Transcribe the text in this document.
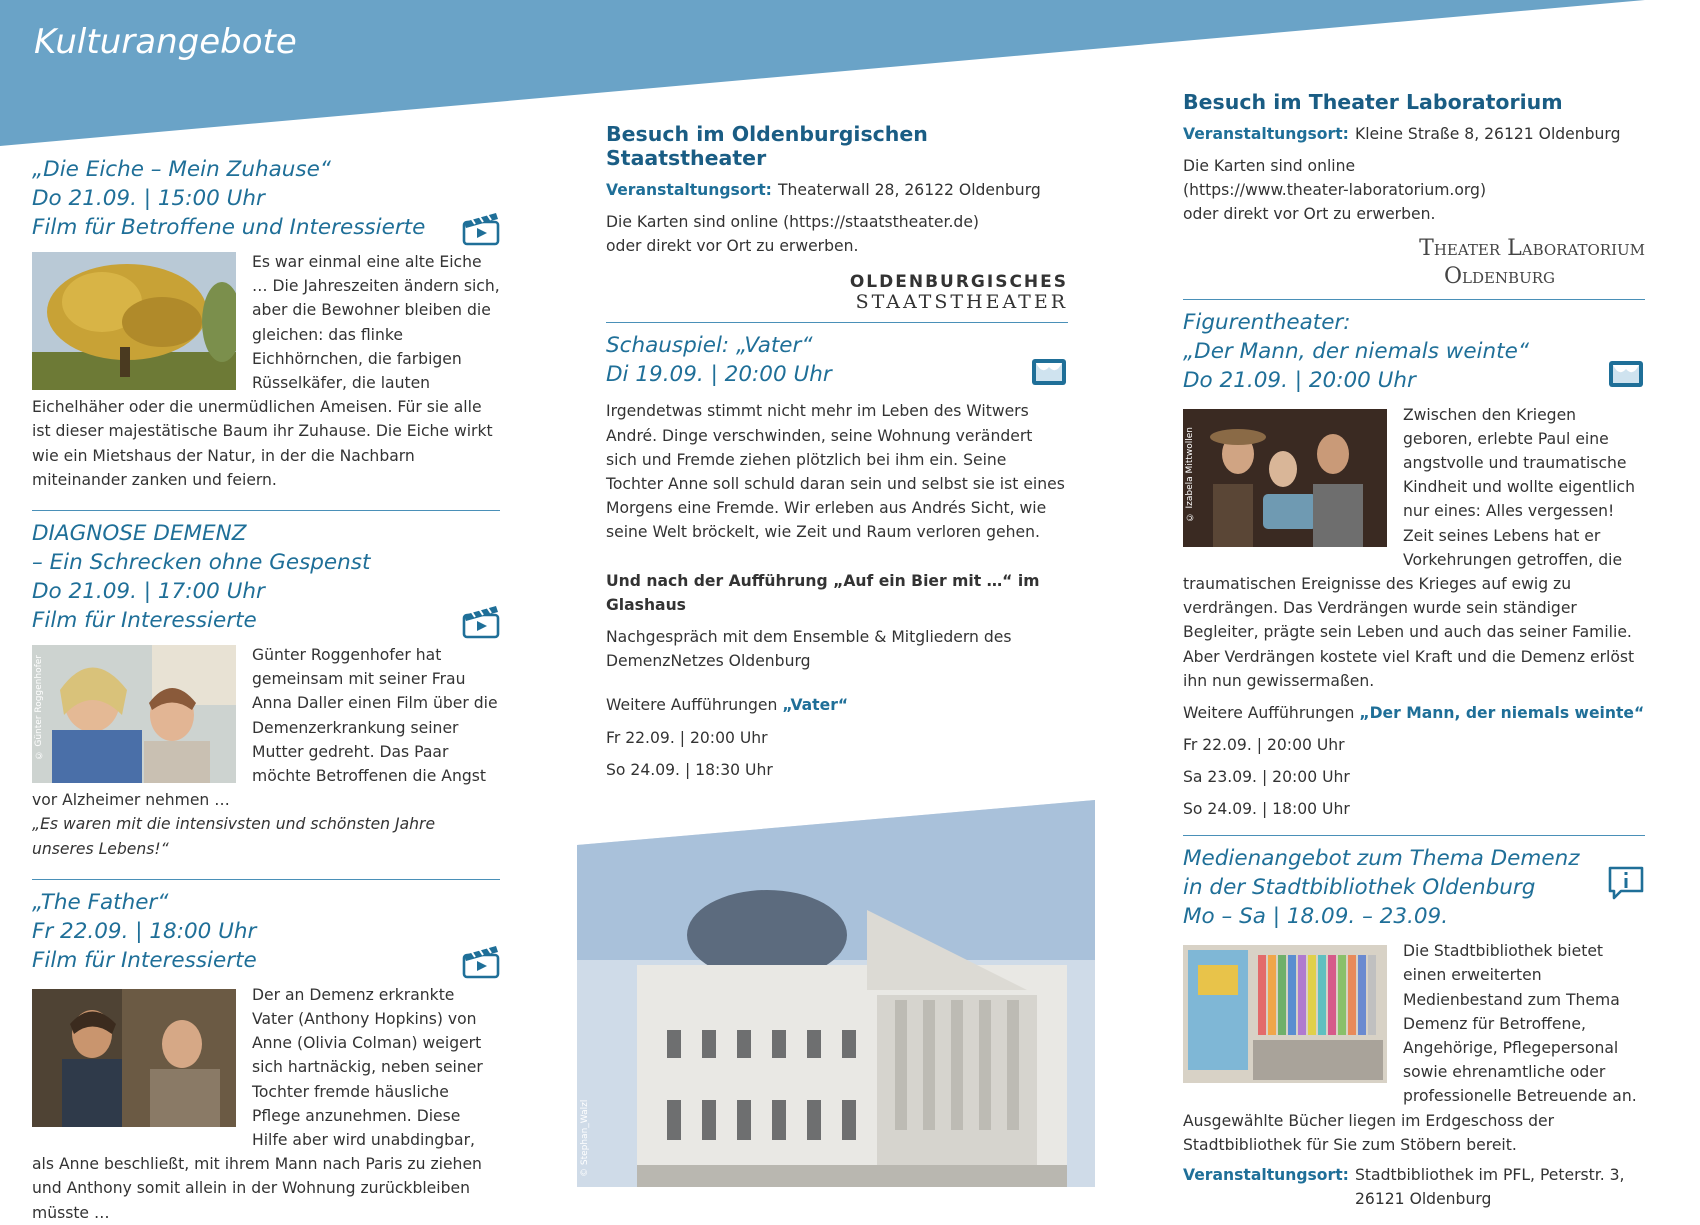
Kulturangebote
„Die Eiche – Mein Zuhause“
Do 21.09. | 15:00 Uhr
Film für Betroffene und Interessierte

Es war einmal eine alte Eiche … Die Jahreszeiten ändern sich, aber die Bewohner bleiben die gleichen: das flinke Eichhörnchen, die farbigen Rüsselkäfer, die lauten Eichelhäher oder die unermüdlichen Ameisen. Für sie alle ist dieser majestätische Baum ihr Zuhause. Die Eiche wirkt wie ein Mietshaus der Natur, in der die Nachbarn miteinander zanken und feiern.

DIAGNOSE DEMENZ
– Ein Schrecken ohne Gespenst
Do 21.09. | 17:00 Uhr
Film für Interessierte
© Günter Roggenhofer	Günter Roggenhofer hat gemeinsam mit seiner Frau Anna Daller einen Film über die Demenzerkrankung seiner Mutter gedreht. Das Paar möchte Betroffenen die Angst vor Alzheimer nehmen …

„Es waren mit die intensivsten und schönsten Jahre unseres Lebens!“

„The Father“
Fr 22.09. | 18:00 Uhr
Film für Interessierte

Der an Demenz erkrankte Vater (Anthony Hopkins) von Anne (Olivia Colman) weigert sich hartnäckig, neben seiner Tochter fremde häusliche Pflege anzunehmen. Diese Hilfe aber wird unabdingbar, als Anne beschließt, mit ihrem Mann nach Paris zu ziehen und Anthony somit allein in der Wohnung zurückbleiben müsste …

Besuch im Oldenburgischen Staatstheater
Veranstaltungsort: Theaterwall 28, 26122 Oldenburg

Die Karten sind online (https://staatstheater.de) oder direkt vor Ort zu erwerben.

OLDENBURGISCHES
STAATSTHEATER
Schauspiel: „Vater“
Di 19.09. | 20:00 Uhr

Irgendetwas stimmt nicht mehr im Leben des Witwers André. Dinge verschwinden, seine Wohnung verändert sich und Fremde ziehen plötzlich bei ihm ein. Seine Tochter Anne soll schuld daran sein und selbst sie ist eines Morgens eine Fremde. Wir erleben aus Andrés Sicht, wie seine Welt bröckelt, wie Zeit und Raum verloren gehen.

Und nach der Aufführung „Auf ein Bier mit …“ im Glashaus

Nachgespräch mit dem Ensemble & Mitgliedern des DemenzNetzes Oldenburg

Weitere Aufführungen „Vater“

Fr 22.09. | 20:00 Uhr

So 24.09. | 18:30 Uhr

© Stephan_Walzl
Besuch im Theater Laboratorium
Veranstaltungsort: Kleine Straße 8, 26121 Oldenburg

Die Karten sind online (https://www.theater-laboratorium.org) oder direkt vor Ort zu erwerben.

Theater Laboratorium
Oldenburg
Figurentheater:
„Der Mann, der niemals weinte“
Do 21.09. | 20:00 Uhr
© Izabela Mittwollen

Zwischen den Kriegen geboren, erlebte Paul eine angstvolle und traumatische Kindheit und wollte eigentlich nur eines: Alles vergessen! Zeit seines Lebens hat er Vorkehrungen getroffen, die traumatischen Ereignisse des Krieges auf ewig zu verdrängen. Das Verdrängen wurde sein ständiger Begleiter, prägte sein Leben und auch das seiner Familie. Aber Verdrängen kostete viel Kraft und die Demenz erlöst ihn nun gewissermaßen.

Weitere Aufführungen „Der Mann, der niemals weinte“

Fr 22.09. | 20:00 Uhr

Sa 23.09. | 20:00 Uhr

So 24.09. | 18:00 Uhr

Medienangebot zum Thema Demenz
in der Stadtbibliothek Oldenburg
Mo – Sa | 18.09. – 23.09.

Die Stadtbibliothek bietet einen erweiterten Medienbestand zum Thema Demenz für Betroffene, Angehörige, Pflegepersonal sowie ehrenamtliche oder professionelle Betreuende an. Ausgewählte Bücher liegen im Erdgeschoss der Stadtbibliothek für Sie zum Stöbern bereit.

Veranstaltungsort: Stadtbibliothek im PFL, Peterstr. 3, 26121 Oldenburg
